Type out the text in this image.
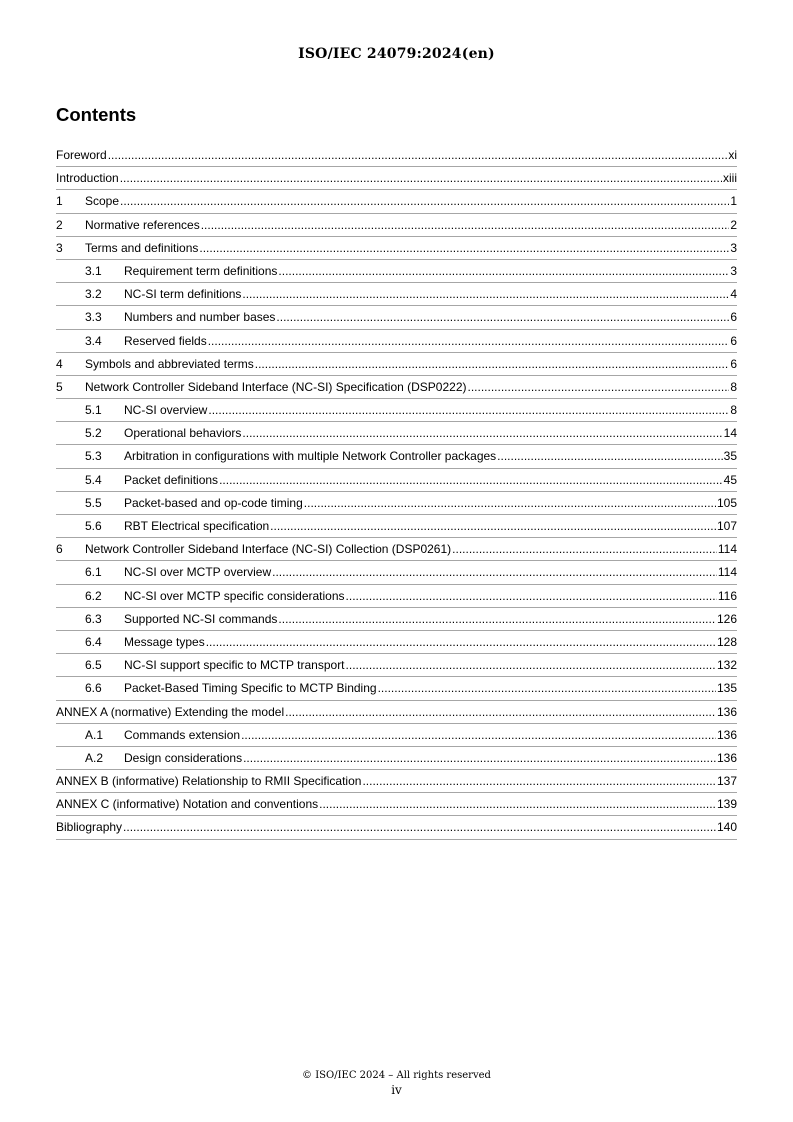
ISO/IEC 24079:2024(en)
Contents
Foreword .....	xi
Introduction .....	xiii
1	Scope .....	1
2	Normative references .....	2
3	Terms and definitions .....	3
3.1	Requirement term definitions .....	3
3.2	NC-SI term definitions .....	4
3.3	Numbers and number bases .....	6
3.4	Reserved fields .....	6
4	Symbols and abbreviated terms .....	6
5	Network Controller Sideband Interface (NC-SI) Specification (DSP0222) .....	8
5.1	NC-SI overview .....	8
5.2	Operational behaviors .....	14
5.3	Arbitration in configurations with multiple Network Controller packages .....	35
5.4	Packet definitions .....	45
5.5	Packet-based and op-code timing .....	105
5.6	RBT Electrical specification .....	107
6	Network Controller Sideband Interface (NC-SI) Collection (DSP0261) .....	114
6.1	NC-SI over MCTP overview .....	114
6.2	NC-SI over MCTP specific considerations .....	116
6.3	Supported NC-SI commands .....	126
6.4	Message types .....	128
6.5	NC-SI support specific to MCTP transport .....	132
6.6	Packet-Based Timing Specific to MCTP Binding .....	135
ANNEX A (normative) Extending the model .....	136
A.1	Commands extension .....	136
A.2	Design considerations .....	136
ANNEX B (informative) Relationship to RMII Specification .....	137
ANNEX C (informative) Notation and conventions .....	139
Bibliography .....	140
© ISO/IEC 2024 – All rights reserved
iv
